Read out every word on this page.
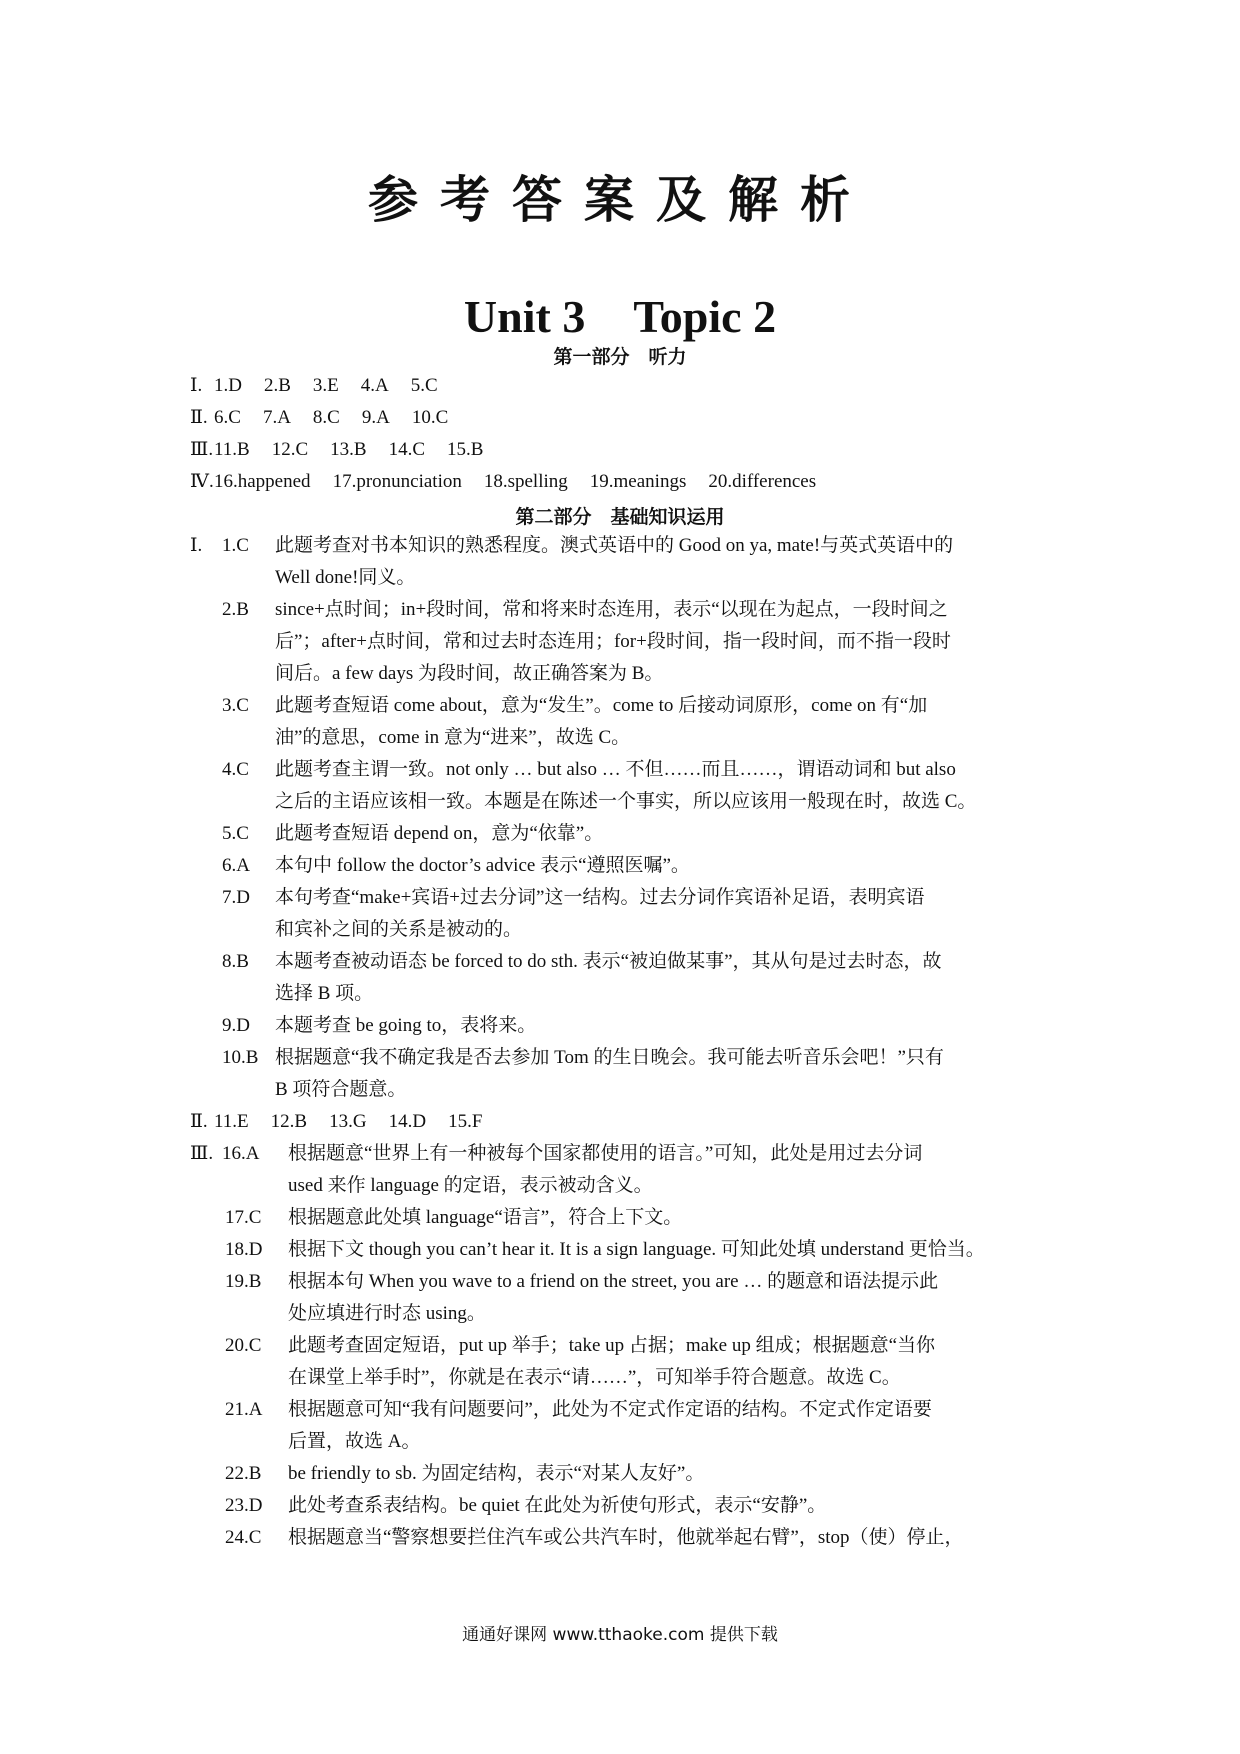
参考答案及解析
Unit 3 Topic 2
第一部分　听力
Ⅰ. 1.D 2.B 3.E 4.A 5.C
Ⅱ. 6.C 7.A 8.C 9.A 10.C
Ⅲ.11.B 12.C 13.B 14.C 15.B
Ⅳ.16.happened 17.pronunciation 18.spelling 19.meanings 20.differences
第二部分　基础知识运用
Ⅰ. 1.C 此题考查对书本知识的熟悉程度。澳式英语中的 Good on ya, mate!与英式英语中的
Well done!同义。
2.B since+点时间；in+段时间，常和将来时态连用，表示“以现在为起点，一段时间之
后”；after+点时间，常和过去时态连用；for+段时间，指一段时间，而不指一段时
间后。a few days 为段时间，故正确答案为 B。
3.C 此题考查短语 come about，意为“发生”。come to 后接动词原形，come on 有“加
油”的意思，come in 意为“进来”，故选 C。
4.C 此题考查主谓一致。not only … but also … 不但……而且……，谓语动词和 but also
之后的主语应该相一致。本题是在陈述一个事实，所以应该用一般现在时，故选 C。
5.C 此题考查短语 depend on，意为“依靠”。
6.A 本句中 follow the doctor’s advice 表示“遵照医嘱”。
7.D 本句考查“make+宾语+过去分词”这一结构。过去分词作宾语补足语，表明宾语
和宾补之间的关系是被动的。
8.B 本题考查被动语态 be forced to do sth. 表示“被迫做某事”，其从句是过去时态，故
选择 B 项。
9.D 本题考查 be going to，表将来。
10.B 根据题意“我不确定我是否去参加 Tom 的生日晚会。我可能去听音乐会吧！”只有
B 项符合题意。
Ⅱ. 11.E 12.B 13.G 14.D 15.F
Ⅲ. 16.A 根据题意“世界上有一种被每个国家都使用的语言。”可知，此处是用过去分词
used 来作 language 的定语，表示被动含义。
17.C 根据题意此处填 language“语言”，符合上下文。
18.D 根据下文 though you can’t hear it. It is a sign language. 可知此处填 understand 更恰当。
19.B 根据本句 When you wave to a friend on the street, you are … 的题意和语法提示此
处应填进行时态 using。
20.C 此题考查固定短语，put up 举手；take up 占据；make up 组成；根据题意“当你
在课堂上举手时”，你就是在表示“请……”，可知举手符合题意。故选 C。
21.A 根据题意可知“我有问题要问”，此处为不定式作定语的结构。不定式作定语要
后置，故选 A。
22.B be friendly to sb. 为固定结构，表示“对某人友好”。
23.D 此处考查系表结构。be quiet 在此处为祈使句形式，表示“安静”。
24.C 根据题意当“警察想要拦住汽车或公共汽车时，他就举起右臂”，stop（使）停止，
通通好课网 www.tthaoke.com 提供下载
